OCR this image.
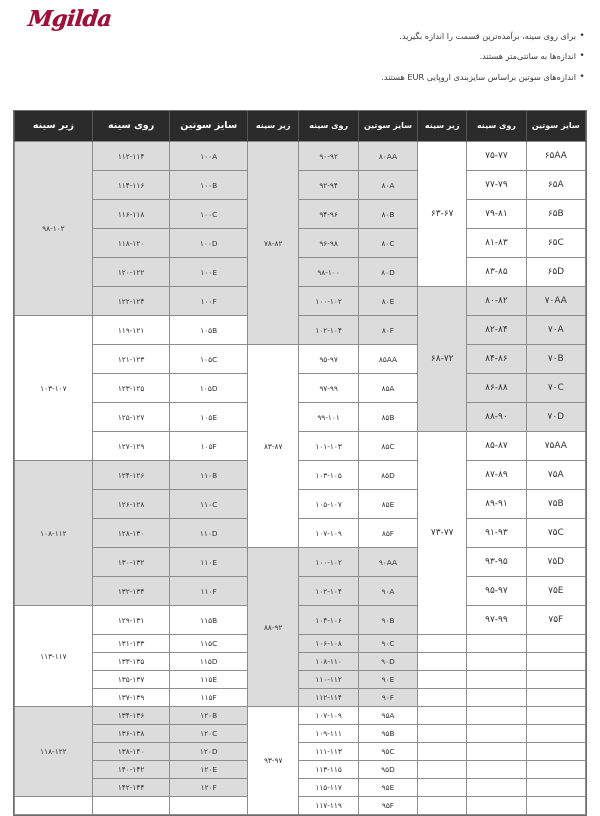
Mgilda
•
برای روی سینه، برآمده‌ترین قسمت را اندازه بگیرید.
•
اندازه‌ها به سانتی‌متر هستند.
•
اندازه‌های سوتین براساس سایزبندی اروپایی EUR هستند.
سایز سوتین	روی سینه	زیر سینه	سایز سوتین	روی سینه	زیر سینه	سایز سوتین	روی سینه	زیر سینه
۶۵AA	۷۵-۷۷	۶۳-۶۷	۸۰AA	۹۰-۹۲	۷۸-۸۲	۱۰۰A	۱۱۲-۱۱۴	۹۸-۱۰۲
۶۵A	۷۷-۷۹		۸۰A	۹۲-۹۴		۱۰۰B	۱۱۴-۱۱۶	
۶۵B	۷۹-۸۱		۸۰B	۹۴-۹۶		۱۰۰C	۱۱۶-۱۱۸	
۶۵C	۸۱-۸۳		۸۰C	۹۶-۹۸		۱۰۰D	۱۱۸-۱۲۰	
۶۵D	۸۳-۸۵		۸۰D	۹۸-۱۰۰		۱۰۰E	۱۲۰-۱۲۲	
۷۰AA	۸۰-۸۲	۶۸-۷۲	۸۰E	۱۰۰-۱۰۲		۱۰۰F	۱۲۲-۱۲۴	
۷۰A	۸۲-۸۴		۸۰F	۱۰۲-۱۰۴		۱۰۵B	۱۱۹-۱۲۱	۱۰۳-۱۰۷
۷۰B	۸۴-۸۶		۸۵AA	۹۵-۹۷	۸۳-۸۷	۱۰۵C	۱۲۱-۱۲۳	
۷۰C	۸۶-۸۸		۸۵A	۹۷-۹۹		۱۰۵D	۱۲۳-۱۲۵	
۷۰D	۸۸-۹۰		۸۵B	۹۹-۱۰۱		۱۰۵E	۱۲۵-۱۲۷	
۷۵AA	۸۵-۸۷	۷۳-۷۷	۸۵C	۱۰۱-۱۰۳		۱۰۵F	۱۲۷-۱۲۹	
۷۵A	۸۷-۸۹		۸۵D	۱۰۳-۱۰۵		۱۱۰B	۱۲۴-۱۲۶	۱۰۸-۱۱۲
۷۵B	۸۹-۹۱		۸۵E	۱۰۵-۱۰۷		۱۱۰C	۱۲۶-۱۲۸	
۷۵C	۹۱-۹۳		۸۵F	۱۰۷-۱۰۹		۱۱۰D	۱۲۸-۱۳۰	
۷۵D	۹۳-۹۵		۹۰AA	۱۰۰-۱۰۲	۸۸-۹۲	۱۱۰E	۱۳۰-۱۳۲	
۷۵E	۹۵-۹۷		۹۰A	۱۰۲-۱۰۴		۱۱۰F	۱۳۲-۱۳۴	
۷۵F	۹۷-۹۹		۹۰B	۱۰۴-۱۰۶		۱۱۵B	۱۲۹-۱۳۱	۱۱۳-۱۱۷
			۹۰C	۱۰۶-۱۰۸		۱۱۵C	۱۳۱-۱۳۳	
			۹۰D	۱۰۸-۱۱۰		۱۱۵D	۱۳۳-۱۳۵	
			۹۰E	۱۱۰-۱۱۲		۱۱۵E	۱۳۵-۱۳۷	
			۹۰F	۱۱۲-۱۱۴		۱۱۵F	۱۳۷-۱۳۹	
			۹۵A	۱۰۷-۱۰۹	۹۳-۹۷	۱۲۰B	۱۳۴-۱۳۶	۱۱۸-۱۲۲
			۹۵B	۱۰۹-۱۱۱		۱۲۰C	۱۳۶-۱۳۸	
			۹۵C	۱۱۱-۱۱۳		۱۲۰D	۱۳۸-۱۴۰	
			۹۵D	۱۱۳-۱۱۵		۱۲۰E	۱۴۰-۱۴۲	
			۹۵E	۱۱۵-۱۱۷		۱۲۰F	۱۴۲-۱۴۴	
			۹۵F	۱۱۷-۱۱۹				
